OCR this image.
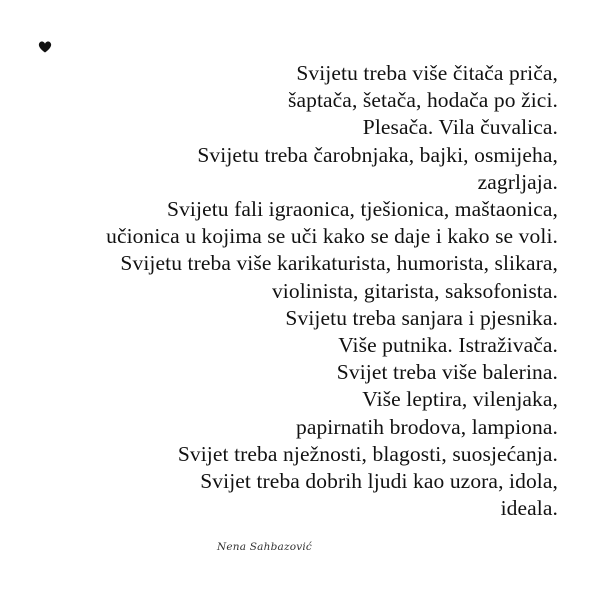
Svijetu treba više čitača priča,
šaptača, šetača, hodača po žici.
Plesača. Vila čuvalica.
Svijetu treba čarobnjaka, bajki, osmijeha,
zagrljaja.
Svijetu fali igraonica, tješionica, maštaonica,
učionica u kojima se uči kako se daje i kako se voli.
Svijetu treba više karikaturista, humorista, slikara,
violinista, gitarista, saksofonista.
Svijetu treba sanjara i pjesnika.
Više putnika. Istraživača.
Svijet treba više balerina.
Više leptira, vilenjaka,
papirnatih brodova, lampiona.
Svijet treba nježnosti, blagosti, suosjećanja.
Svijet treba dobrih ljudi kao uzora, idola,
ideala.
Nena Sahbazović
